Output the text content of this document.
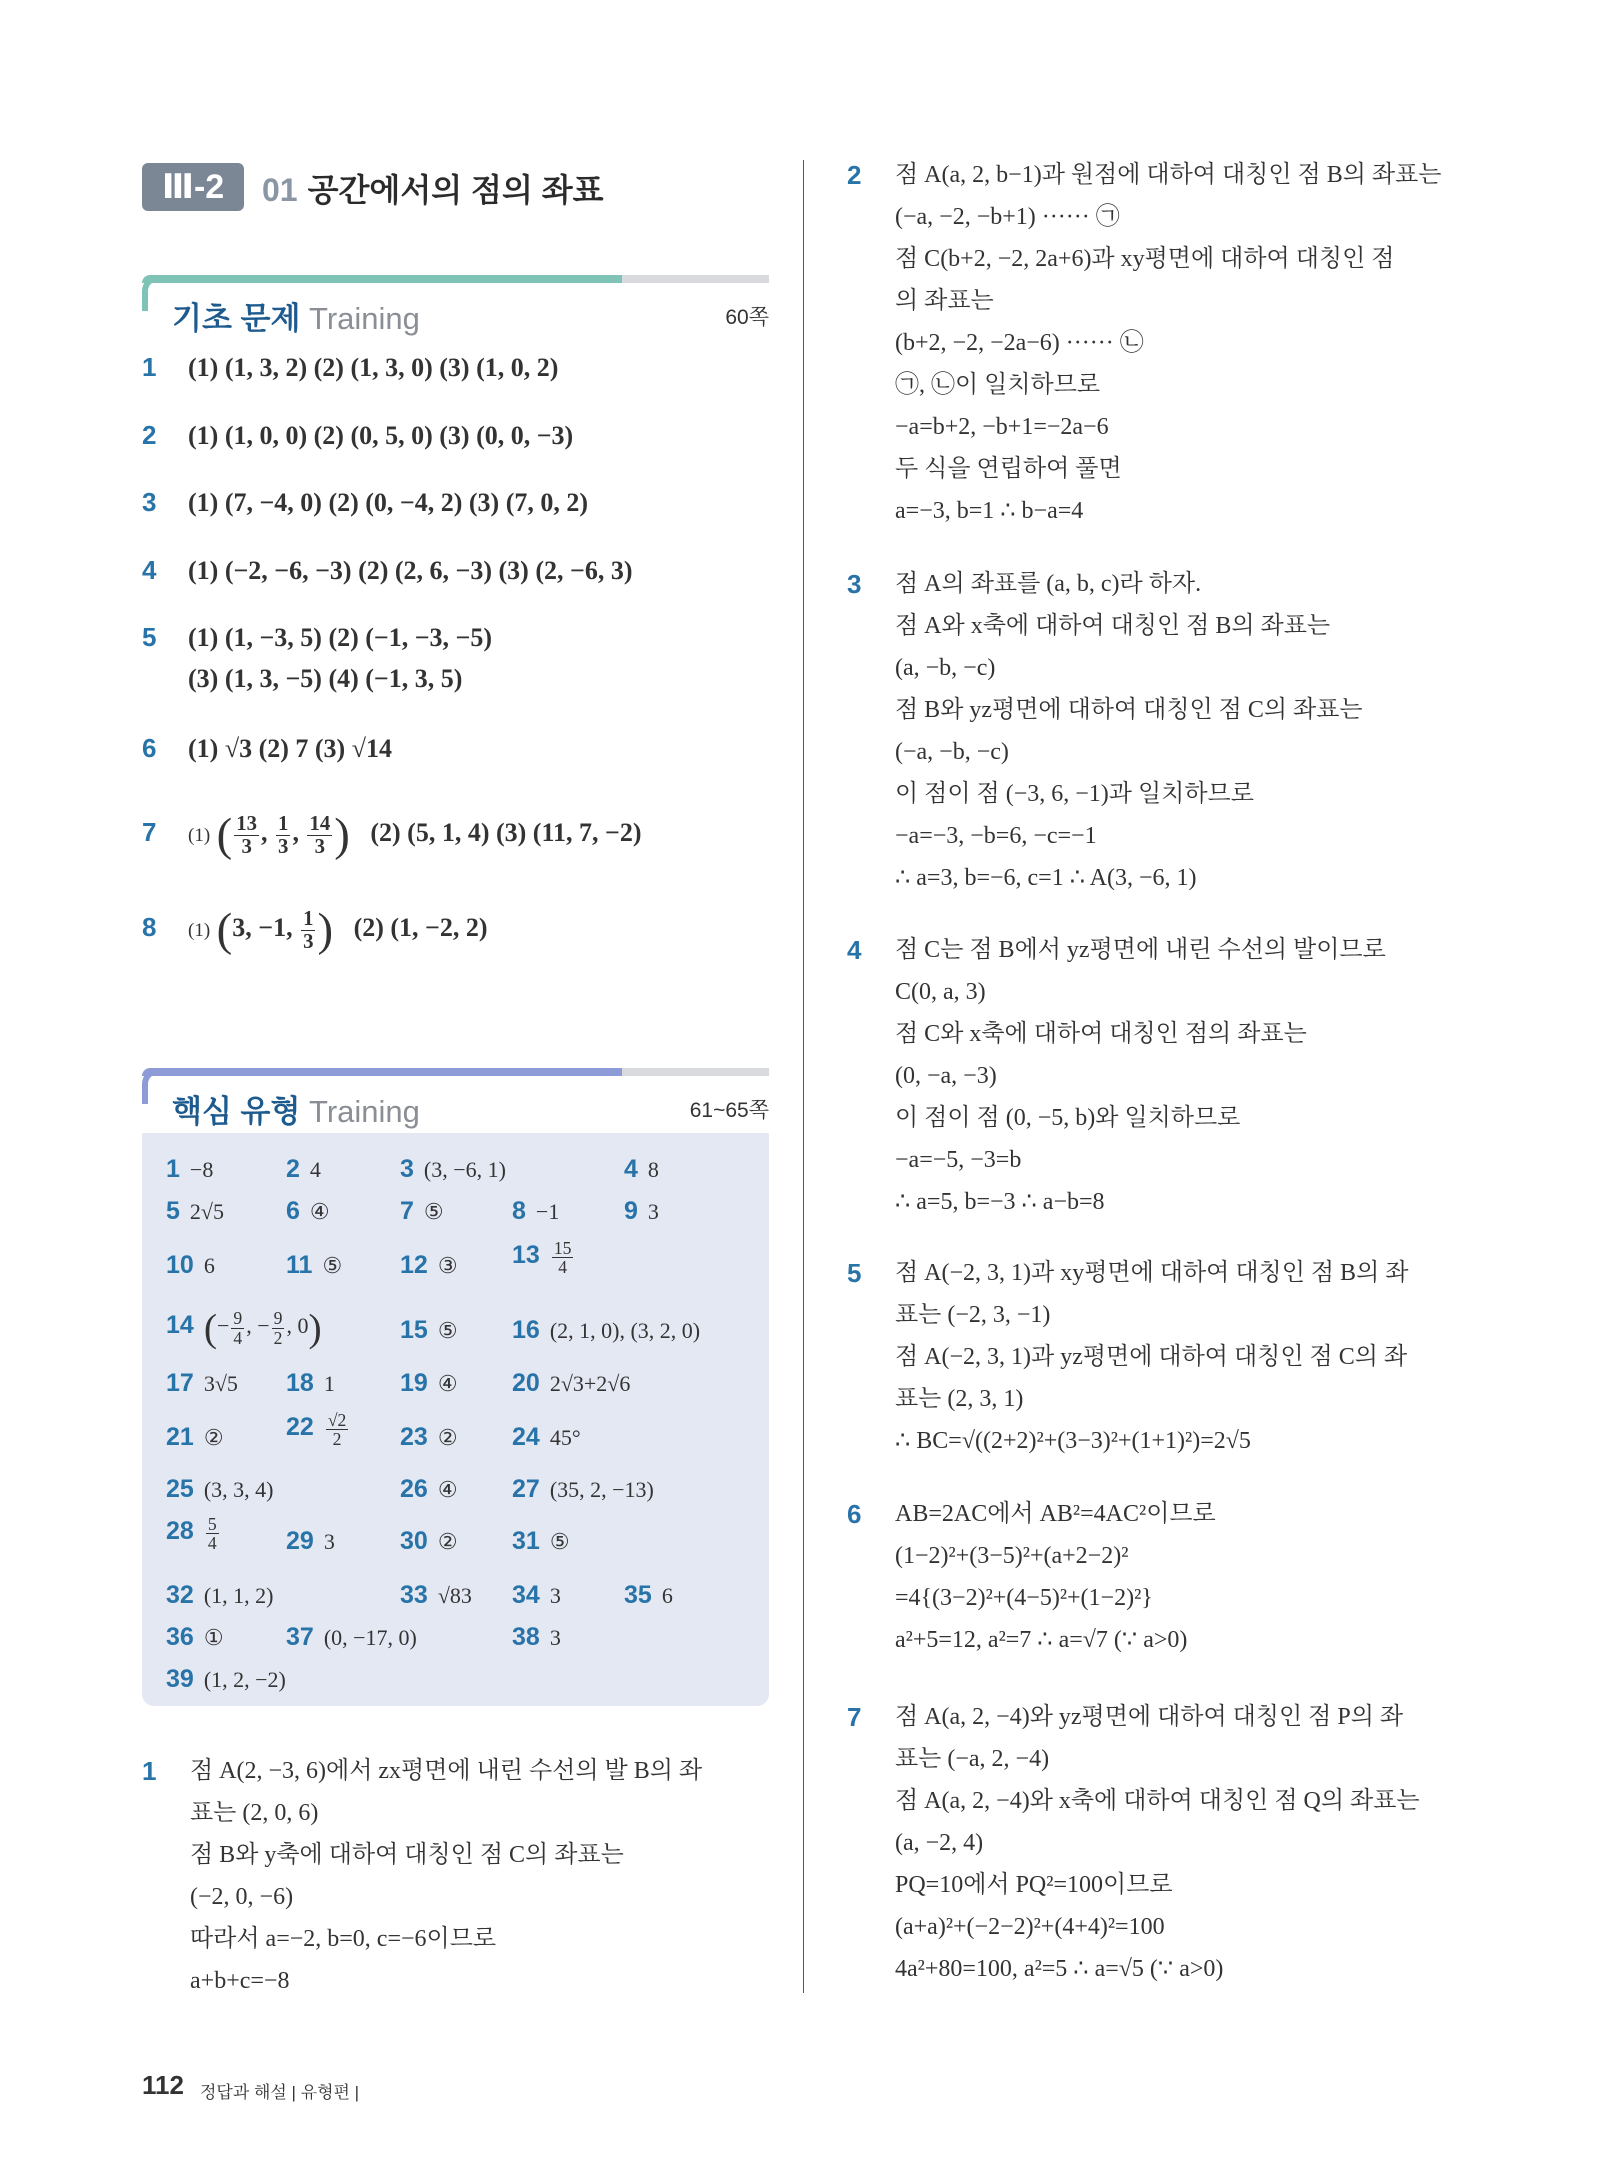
Ⅲ-2	01 공간에서의 점의 좌표
기초 문제 Training	60쪽
1 (1) (1, 3, 2) (2) (1, 3, 0) (3) (1, 0, 2)
2 (1) (1, 0, 0) (2) (0, 5, 0) (3) (0, 0, −3)
3 (1) (7, −4, 0) (2) (0, −4, 2) (3) (7, 0, 2)
4 (1) (−2, −6, −3) (2) (2, 6, −3) (3) (2, −6, 3)
5 (1) (1, −3, 5) (2) (−1, −3, −5)
(3) (1, 3, −5) (4) (−1, 3, 5)
6 (1) √3 (2) 7 (3) √14
7 (1) ( $\frac{13}{3}$ , $\frac{1}{3}$ , $\frac{14}{3}$ ) (2) (5, 1, 4) (3) (11, 7, −2)
8 (1) (3, −1, $\frac{1}{3}$ ) (2) (1, −2, 2)
핵심 유형 Training	61~65쪽
1 −8	2 4	3 (3, −6, 1)	4 8
5 2√5 6 ④	7 ⑤	8 −1	9 3
10 6	11 ⑤ 12 ③ $13 \frac{15}{4}$
14 (− $\frac{9}{4}$ , − $\frac{9}{2}$ , 0)	15 ⑤ 16 (2, 1, 0), (3, 2, 0)
17 3√5 18 1	19 ④ 20 2√3+2√6
21 ② $22 \frac{√2}{2} 23$ ② 24 45°
25 (3, 3, 4)	26 ④ 27 (35, 2, −13)
$28 \frac{5}{4}$	29 3	30 ② 31 ⑤
32 (1, 1, 2)	33 √83 34 3	35 6
36 ① 37 (0, −17, 0)	38 3
39 (1, 2, −2)
1 점 A(2, −3, 6)에서 zx평면에 내린 수선의 발 B의 좌
표는 (2, 0, 6)
점 B와 y축에 대하여 대칭인 점 C의 좌표는
(−2, 0, −6)
따라서 a=−2, b=0, c=−6이므로
a+b+c=−8
2 점 A(a, 2, b−1)과 원점에 대하여 대칭인 점 B의 좌표는
(−a, −2, −b+1) ······ ㉠
점 C(b+2, −2, 2a+6)과 xy평면에 대하여 대칭인 점
의 좌표는
(b+2, −2, −2a−6) ······ ㉡
㉠, ㉡이 일치하므로
−a=b+2, −b+1=−2a−6
두 식을 연립하여 풀면
a=−3, b=1 ∴ b−a=4
3 점 A의 좌표를 (a, b, c)라 하자.
점 A와 x축에 대하여 대칭인 점 B의 좌표는
(a, −b, −c)
점 B와 yz평면에 대하여 대칭인 점 C의 좌표는
(−a, −b, −c)
이 점이 점 (−3, 6, −1)과 일치하므로
−a=−3, −b=6, −c=−1
∴ a=3, b=−6, c=1 ∴ A(3, −6, 1)
4 점 C는 점 B에서 yz평면에 내린 수선의 발이므로
C(0, a, 3)
점 C와 x축에 대하여 대칭인 점의 좌표는
(0, −a, −3)
이 점이 점 (0, −5, b)와 일치하므로
−a=−5, −3=b
∴ a=5, b=−3 ∴ a−b=8
5 점 A(−2, 3, 1)과 xy평면에 대하여 대칭인 점 B의 좌
표는 (−2, 3, −1)
점 A(−2, 3, 1)과 yz평면에 대하여 대칭인 점 C의 좌
표는 (2, 3, 1)
∴ BC=√((2+2)²+(3−3)²+(1+1)²)=2√5
6 AB=2AC에서 AB²=4AC²이므로
(1−2)²+(3−5)²+(a+2−2)²
=4{(3−2)²+(4−5)²+(1−2)²}
a²+5=12, a²=7 ∴ a=√7 (∵ a>0)
7 점 A(a, 2, −4)와 yz평면에 대하여 대칭인 점 P의 좌
표는 (−a, 2, −4)
점 A(a, 2, −4)와 x축에 대하여 대칭인 점 Q의 좌표는
(a, −2, 4)
PQ=10에서 PQ²=100이므로
(a+a)²+(−2−2)²+(4+4)²=100
4a²+80=100, a²=5 ∴ a=√5 (∵ a>0)
112 정답과 해설 | 유형편 |
